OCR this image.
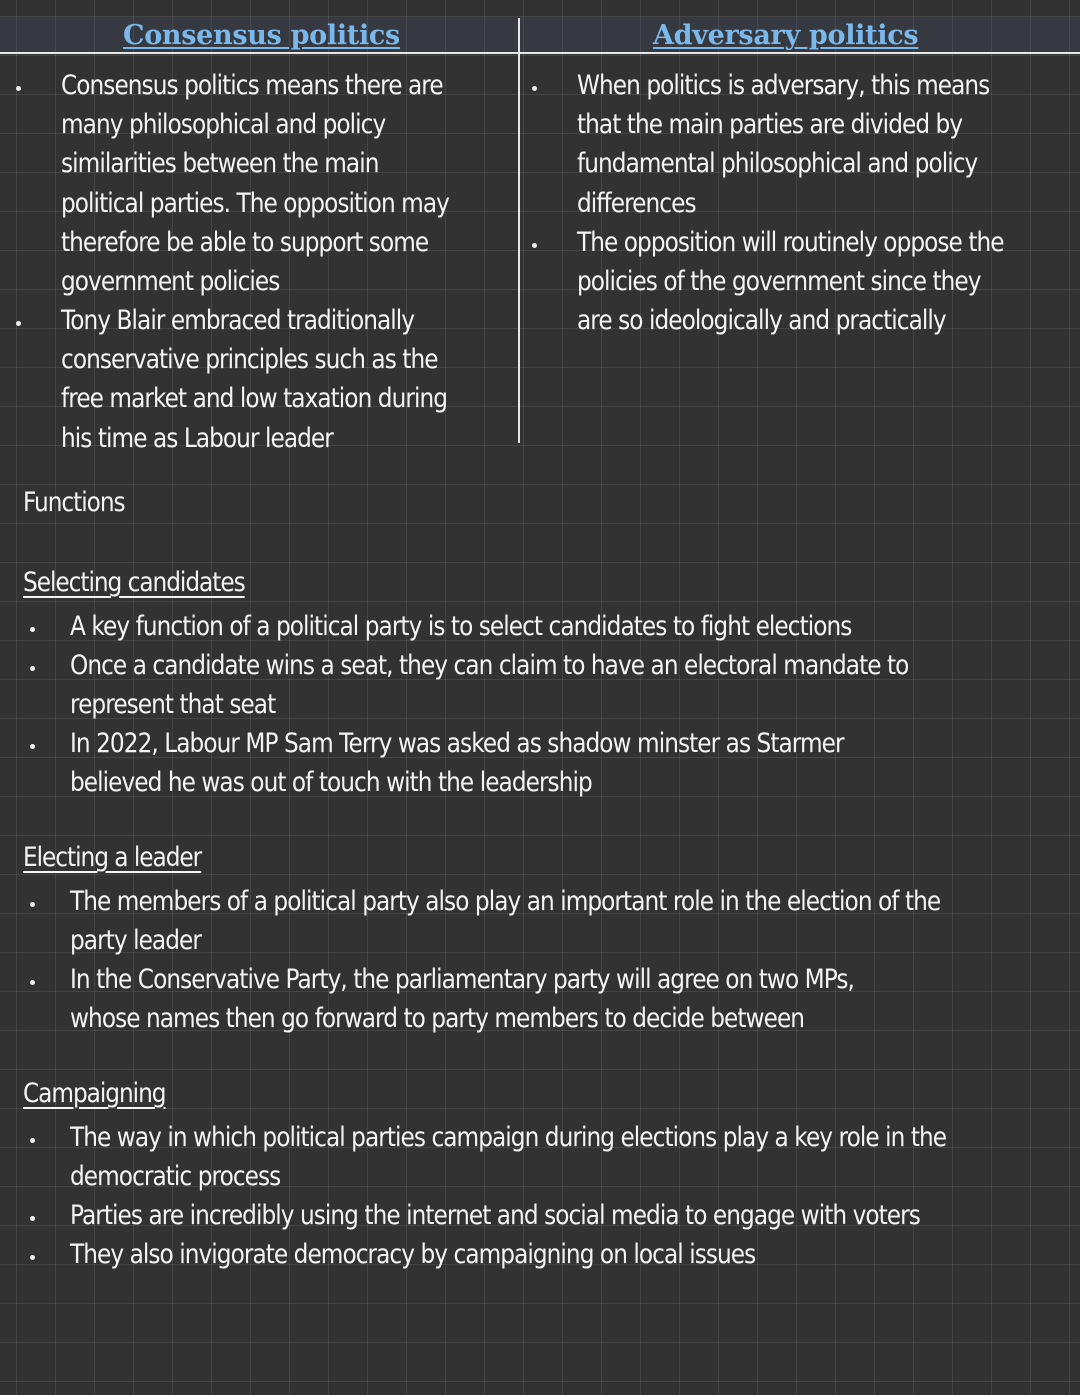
Consensus politics
Consensus politics means there are
many philosophical and policy
similarities between the main
political parties. The opposition may
therefore be able to support some
government policies
Tony Blair embraced traditionally
conservative principles such as the
free market and low taxation during
his time as Labour leader
Adversary politics
When politics is adversary, this means
that the main parties are divided by
fundamental philosophical and policy
differences
The opposition will routinely oppose the
policies of the government since they
are so ideologically and practically
Functions
Selecting candidates
A key function of a political party is to select candidates to fight elections
Once a candidate wins a seat, they can claim to have an electoral mandate to
represent that seat
In 2022, Labour MP Sam Terry was asked as shadow minster as Starmer
believed he was out of touch with the leadership
Electing a leader
The members of a political party also play an important role in the election of the
party leader
In the Conservative Party, the parliamentary party will agree on two MPs,
whose names then go forward to party members to decide between
Campaigning
The way in which political parties campaign during elections play a key role in the
democratic process
Parties are incredibly using the internet and social media to engage with voters
They also invigorate democracy by campaigning on local issues
